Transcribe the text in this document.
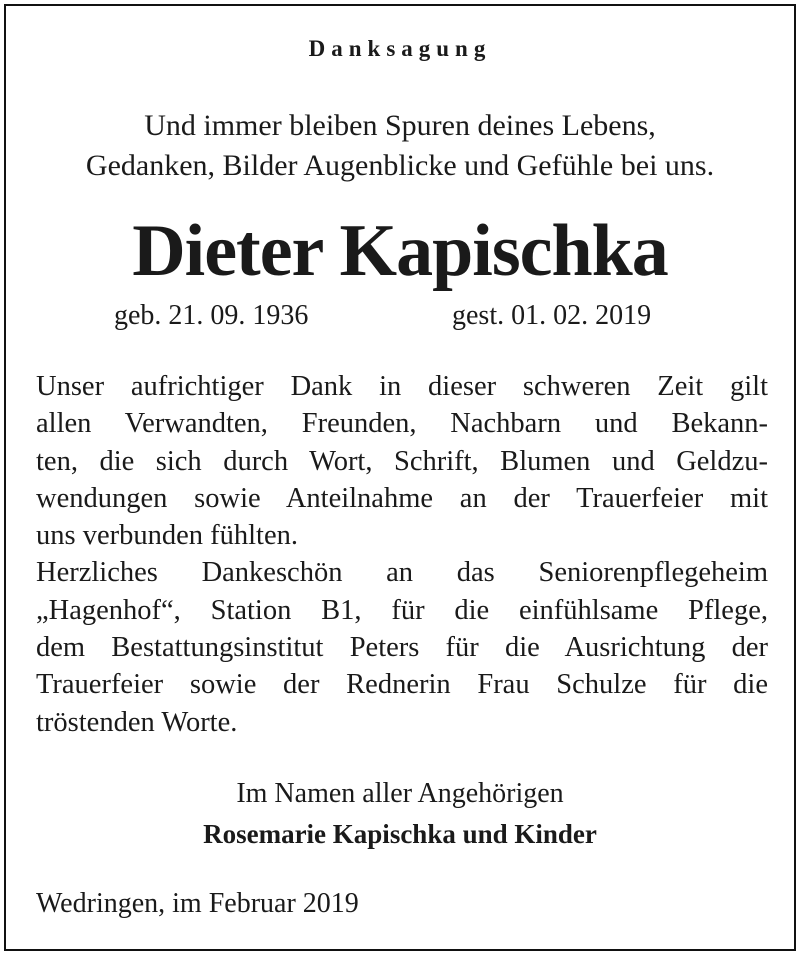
Danksagung
Und immer bleiben Spuren deines Lebens,
Gedanken, Bilder Augenblicke und Gefühle bei uns.
Dieter Kapischka
geb. 21. 09. 1936	gest. 01. 02. 2019
Unser aufrichtiger Dank in dieser schweren Zeit gilt
allen Verwandten, Freunden, Nachbarn und Bekann-
ten, die sich durch Wort, Schrift, Blumen und Geldzu-
wendungen sowie Anteilnahme an der Trauerfeier mit
uns verbunden fühlten.
Herzliches Dankeschön an das Seniorenpflegeheim
„Hagenhof“, Station B1, für die einfühlsame Pflege,
dem Bestattungsinstitut Peters für die Ausrichtung der
Trauerfeier sowie der Rednerin Frau Schulze für die
tröstenden Worte.
Im Namen aller Angehörigen
Rosemarie Kapischka und Kinder
Wedringen, im Februar 2019
